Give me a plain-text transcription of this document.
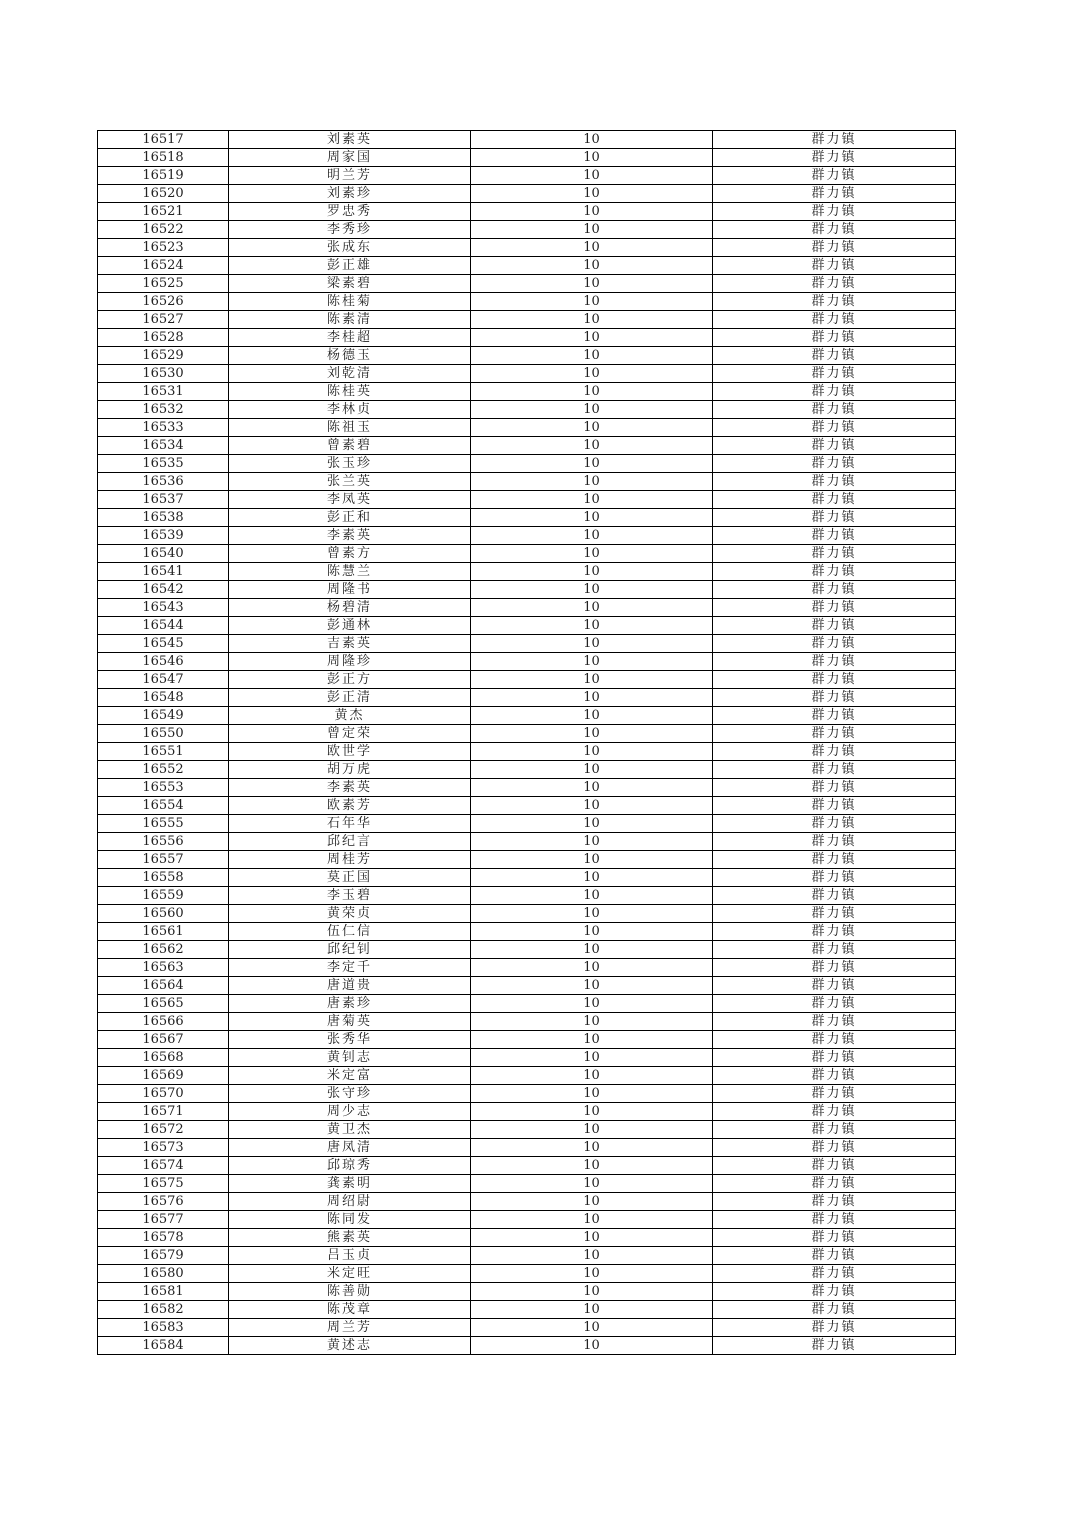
16517	刘素英	10	群力镇
16518	周家国	10	群力镇
16519	明兰芳	10	群力镇
16520	刘素珍	10	群力镇
16521	罗忠秀	10	群力镇
16522	李秀珍	10	群力镇
16523	张成东	10	群力镇
16524	彭正雄	10	群力镇
16525	梁素碧	10	群力镇
16526	陈桂菊	10	群力镇
16527	陈素清	10	群力镇
16528	李桂超	10	群力镇
16529	杨德玉	10	群力镇
16530	刘乾清	10	群力镇
16531	陈桂英	10	群力镇
16532	李林贞	10	群力镇
16533	陈祖玉	10	群力镇
16534	曾素碧	10	群力镇
16535	张玉珍	10	群力镇
16536	张兰英	10	群力镇
16537	李凤英	10	群力镇
16538	彭正和	10	群力镇
16539	李素英	10	群力镇
16540	曾素方	10	群力镇
16541	陈慧兰	10	群力镇
16542	周隆书	10	群力镇
16543	杨碧清	10	群力镇
16544	彭通林	10	群力镇
16545	吉素英	10	群力镇
16546	周隆珍	10	群力镇
16547	彭正方	10	群力镇
16548	彭正清	10	群力镇
16549	黄杰	10	群力镇
16550	曾定荣	10	群力镇
16551	欧世学	10	群力镇
16552	胡万虎	10	群力镇
16553	李素英	10	群力镇
16554	欧素芳	10	群力镇
16555	石年华	10	群力镇
16556	邱纪言	10	群力镇
16557	周桂芳	10	群力镇
16558	莫正国	10	群力镇
16559	李玉碧	10	群力镇
16560	黄荣贞	10	群力镇
16561	伍仁信	10	群力镇
16562	邱纪钊	10	群力镇
16563	李定千	10	群力镇
16564	唐道贵	10	群力镇
16565	唐素珍	10	群力镇
16566	唐菊英	10	群力镇
16567	张秀华	10	群力镇
16568	黄钊志	10	群力镇
16569	米定富	10	群力镇
16570	张守珍	10	群力镇
16571	周少志	10	群力镇
16572	黄卫杰	10	群力镇
16573	唐凤清	10	群力镇
16574	邱琼秀	10	群力镇
16575	龚素明	10	群力镇
16576	周绍尉	10	群力镇
16577	陈同发	10	群力镇
16578	熊素英	10	群力镇
16579	吕玉贞	10	群力镇
16580	米定旺	10	群力镇
16581	陈善勋	10	群力镇
16582	陈茂章	10	群力镇
16583	周兰芳	10	群力镇
16584	黄述志	10	群力镇
